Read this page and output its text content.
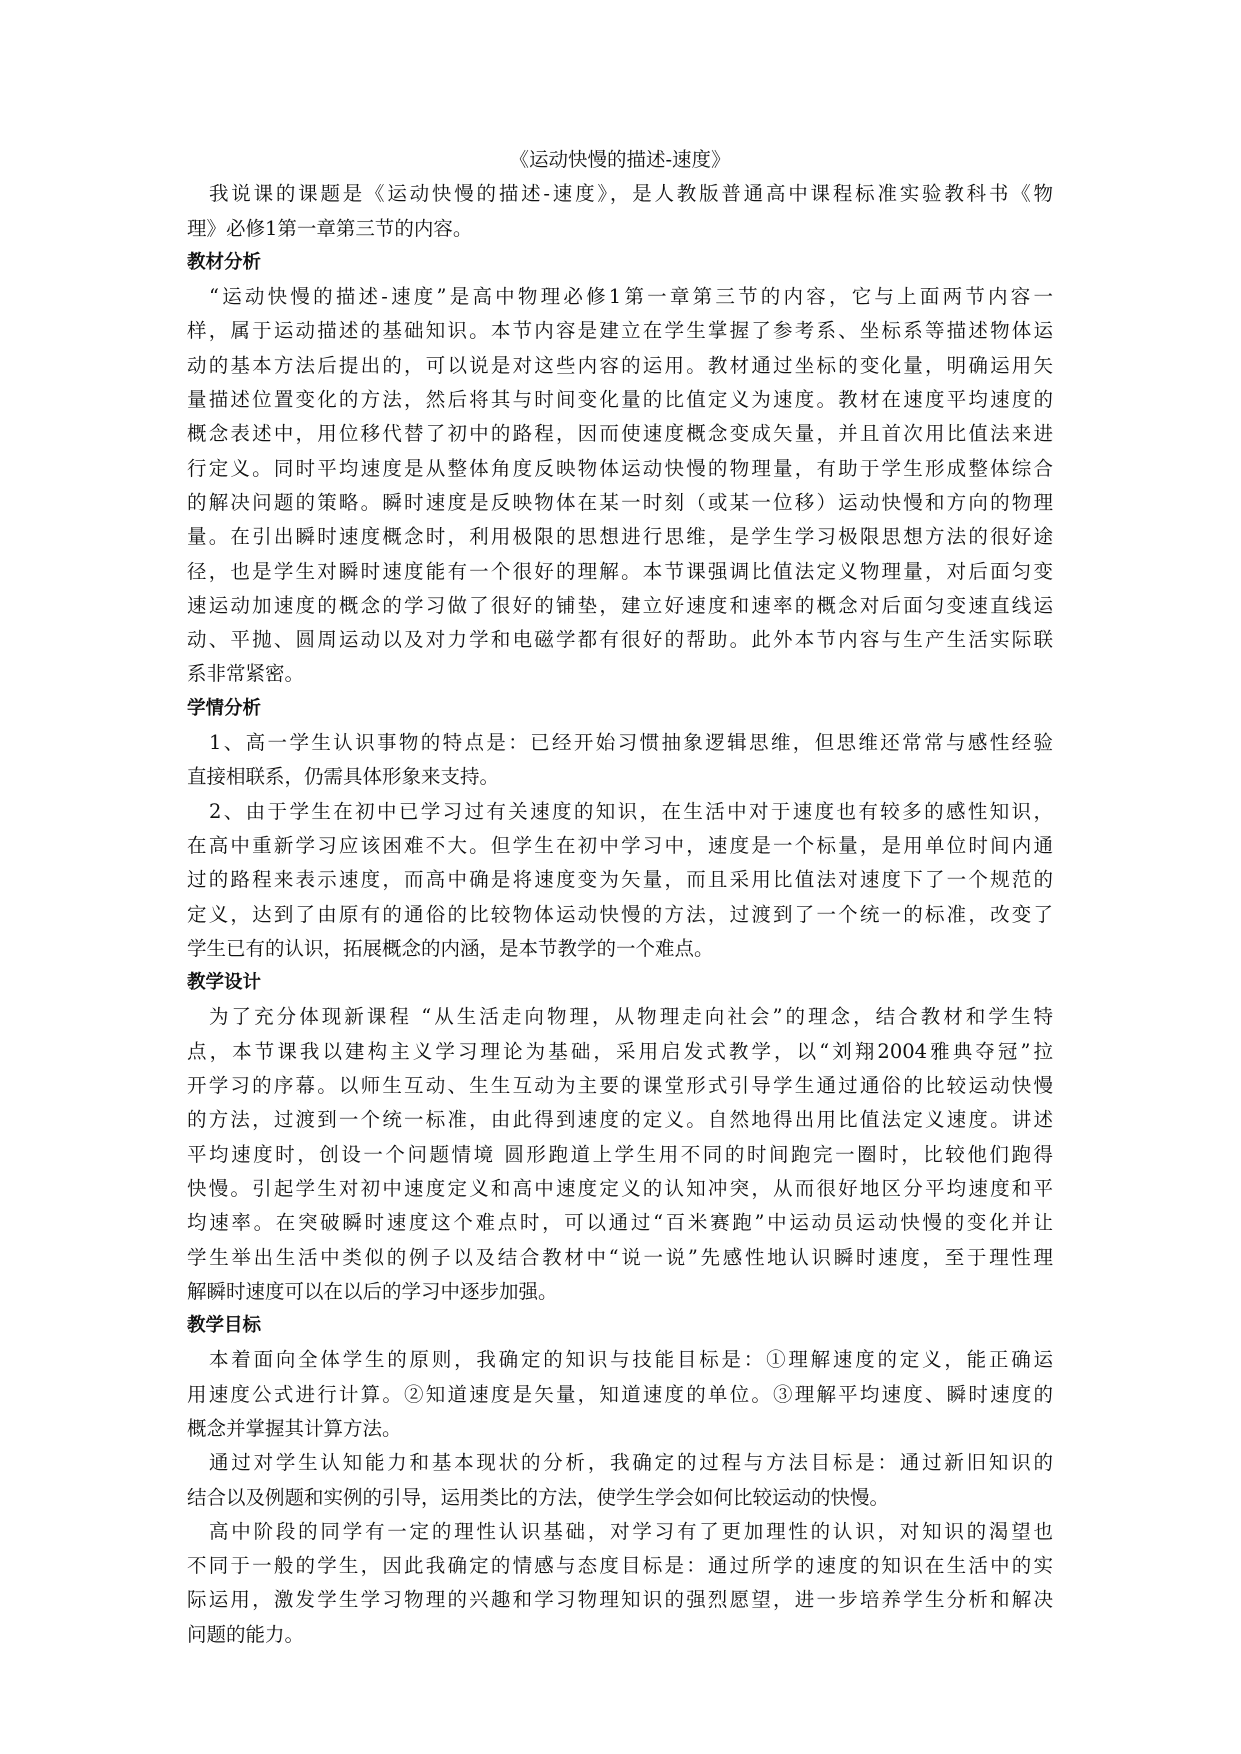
《运动快慢的描述-速度》
我说课的课题是《运动快慢的描述-速度》，是人教版普通高中课程标准实验教科书《物
理》必修1第一章第三节的内容。
教材分析
“运动快慢的描述-速度”是高中物理必修1第一章第三节的内容，它与上面两节内容一
样，属于运动描述的基础知识。本节内容是建立在学生掌握了参考系、坐标系等描述物体运
动的基本方法后提出的，可以说是对这些内容的运用。教材通过坐标的变化量，明确运用矢
量描述位置变化的方法，然后将其与时间变化量的比值定义为速度。教材在速度平均速度的
概念表述中，用位移代替了初中的路程，因而使速度概念变成矢量，并且首次用比值法来进
行定义。同时平均速度是从整体角度反映物体运动快慢的物理量，有助于学生形成整体综合
的解决问题的策略。瞬时速度是反映物体在某一时刻（或某一位移）运动快慢和方向的物理
量。在引出瞬时速度概念时，利用极限的思想进行思维，是学生学习极限思想方法的很好途
径，也是学生对瞬时速度能有一个很好的理解。本节课强调比值法定义物理量，对后面匀变
速运动加速度的概念的学习做了很好的铺垫，建立好速度和速率的概念对后面匀变速直线运
动、平抛、圆周运动以及对力学和电磁学都有很好的帮助。此外本节内容与生产生活实际联
系非常紧密。
学情分析
1、高一学生认识事物的特点是：已经开始习惯抽象逻辑思维，但思维还常常与感性经验
直接相联系，仍需具体形象来支持。
2、由于学生在初中已学习过有关速度的知识，在生活中对于速度也有较多的感性知识，
在高中重新学习应该困难不大。但学生在初中学习中，速度是一个标量，是用单位时间内通
过的路程来表示速度，而高中确是将速度变为矢量，而且采用比值法对速度下了一个规范的
定义，达到了由原有的通俗的比较物体运动快慢的方法，过渡到了一个统一的标准，改变了
学生已有的认识，拓展概念的内涵，是本节教学的一个难点。
教学设计
为了充分体现新课程 “从生活走向物理，从物理走向社会”的理念，结合教材和学生特
点，本节课我以建构主义学习理论为基础，采用启发式教学，以“刘翔2004雅典夺冠”拉
开学习的序幕。以师生互动、生生互动为主要的课堂形式引导学生通过通俗的比较运动快慢
的方法，过渡到一个统一标准，由此得到速度的定义。自然地得出用比值法定义速度。讲述
平均速度时，创设一个问题情境 圆形跑道上学生用不同的时间跑完一圈时，比较他们跑得
快慢。引起学生对初中速度定义和高中速度定义的认知冲突，从而很好地区分平均速度和平
均速率。在突破瞬时速度这个难点时，可以通过“百米赛跑”中运动员运动快慢的变化并让
学生举出生活中类似的例子以及结合教材中“说一说”先感性地认识瞬时速度，至于理性理
解瞬时速度可以在以后的学习中逐步加强。
教学目标
本着面向全体学生的原则，我确定的知识与技能目标是：①理解速度的定义，能正确运
用速度公式进行计算。②知道速度是矢量，知道速度的单位。③理解平均速度、瞬时速度的
概念并掌握其计算方法。
通过对学生认知能力和基本现状的分析，我确定的过程与方法目标是：通过新旧知识的
结合以及例题和实例的引导，运用类比的方法，使学生学会如何比较运动的快慢。
高中阶段的同学有一定的理性认识基础，对学习有了更加理性的认识，对知识的渴望也
不同于一般的学生，因此我确定的情感与态度目标是：通过所学的速度的知识在生活中的实
际运用，激发学生学习物理的兴趣和学习物理知识的强烈愿望，进一步培养学生分析和解决
问题的能力。
